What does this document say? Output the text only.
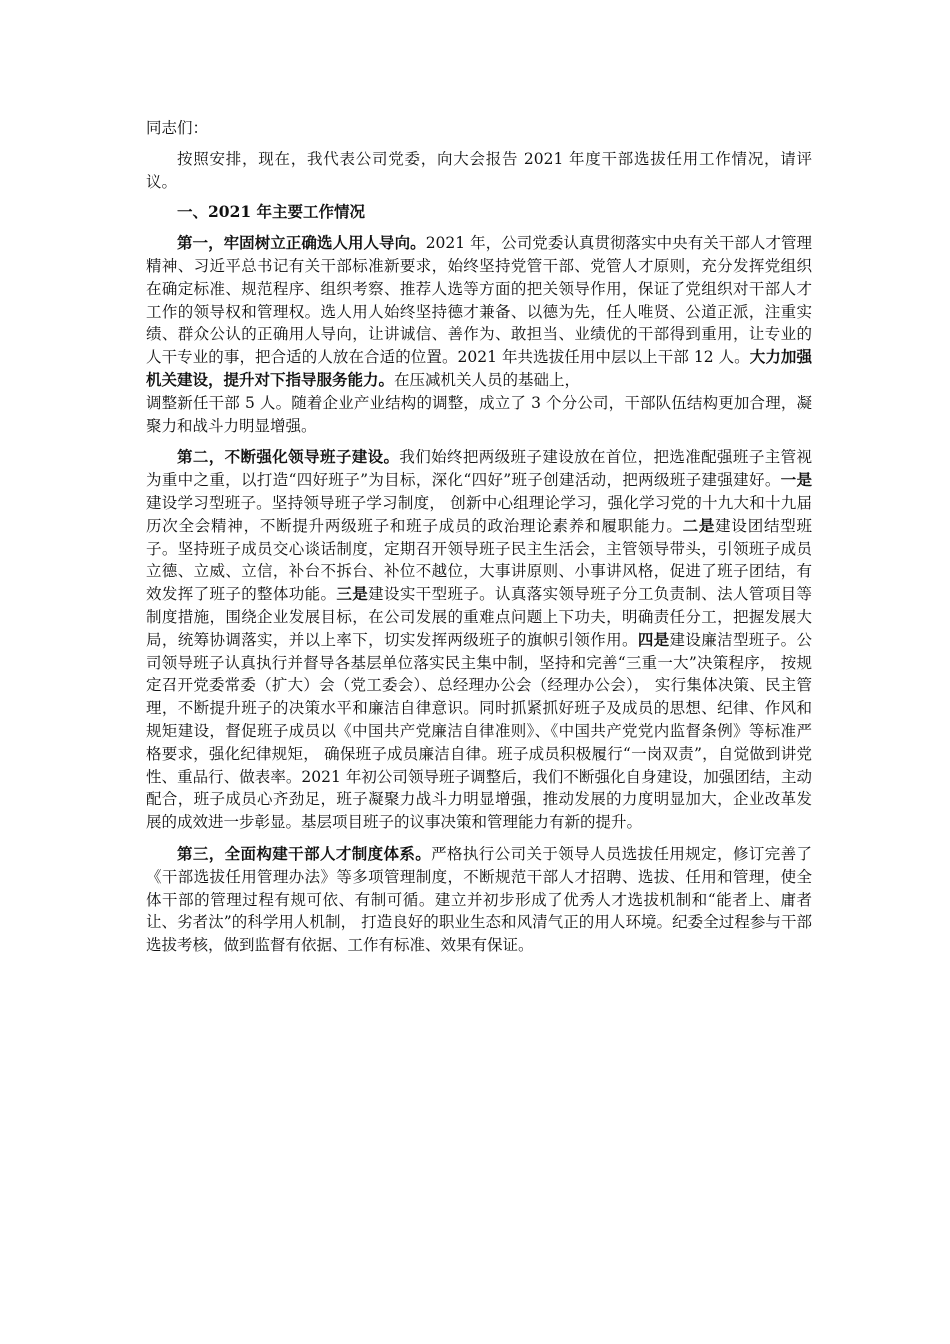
同志们：

按照安排，现在，我代表公司党委，向大会报告 2021 年度干部选拔任用工作情况，请评议。

一、2021 年主要工作情况

第一，牢固树立正确选人用人导向。2021 年，公司党委认真贯彻落实中央有关干部人才管理精神、习近平总书记有关干部标准新要求，始终坚持党管干部、党管人才原则，充分发挥党组织在确定标准、规范程序、组织考察、推荐人选等方面的把关领导作用，保证了党组织对干部人才工作的领导权和管理权。选人用人始终坚持德才兼备、以德为先，任人唯贤、公道正派，注重实绩、群众公认的正确用人导向，让讲诚信、善作为、敢担当、业绩优的干部得到重用，让专业的人干专业的事，把合适的人放在合适的位置。2021 年共选拔任用中层以上干部 12 人。大力加强机关建设，提升对下指导服务能力。在压减机关人员的基础上，
调整新任干部 5 人。随着企业产业结构的调整，成立了 3 个分公司，干部队伍结构更加合理，凝聚力和战斗力明显增强。

第二，不断强化领导班子建设。我们始终把两级班子建设放在首位，把选准配强班子主管视为重中之重，以打造“四好班子”为目标，深化“四好”班子创建活动，把两级班子建强建好。一是建设学习型班子。坚持领导班子学习制度， 创新中心组理论学习，强化学习党的十九大和十九届历次全会精神，不断提升两级班子和班子成员的政治理论素养和履职能力。二是建设团结型班子。坚持班子成员交心谈话制度，定期召开领导班子民主生活会，主管领导带头，引领班子成员立德、立威、立信，补台不拆台、补位不越位，大事讲原则、小事讲风格，促进了班子团结，有效发挥了班子的整体功能。三是建设实干型班子。认真落实领导班子分工负责制、法人管项目等制度措施，围绕企业发展目标，在公司发展的重难点问题上下功夫，明确责任分工，把握发展大局，统筹协调落实，并以上率下，切实发挥两级班子的旗帜引领作用。四是建设廉洁型班子。公司领导班子认真执行并督导各基层单位落实民主集中制，坚持和完善“三重一大”决策程序， 按规定召开党委常委（扩大）会（党工委会）、总经理办公会（经理办公会）， 实行集体决策、民主管理，不断提升班子的决策水平和廉洁自律意识。同时抓紧抓好班子及成员的思想、纪律、作风和规矩建设，督促班子成员以《中国共产党廉洁自律准则》、《中国共产党党内监督条例》等标准严格要求，强化纪律规矩， 确保班子成员廉洁自律。班子成员积极履行“一岗双责”，自觉做到讲党性、重品行、做表率。2021 年初公司领导班子调整后，我们不断强化自身建设，加强团结，主动配合，班子成员心齐劲足，班子凝聚力战斗力明显增强，推动发展的力度明显加大，企业改革发展的成效进一步彰显。基层项目班子的议事决策和管理能力有新的提升。

第三，全面构建干部人才制度体系。严格执行公司关于领导人员选拔任用规定，修订完善了《干部选拔任用管理办法》等多项管理制度，不断规范干部人才招聘、选拔、任用和管理，使全体干部的管理过程有规可依、有制可循。建立并初步形成了优秀人才选拔机制和“能者上、庸者让、劣者汰”的科学用人机制， 打造良好的职业生态和风清气正的用人环境。纪委全过程参与干部选拔考核，做到监督有依据、工作有标准、效果有保证。
